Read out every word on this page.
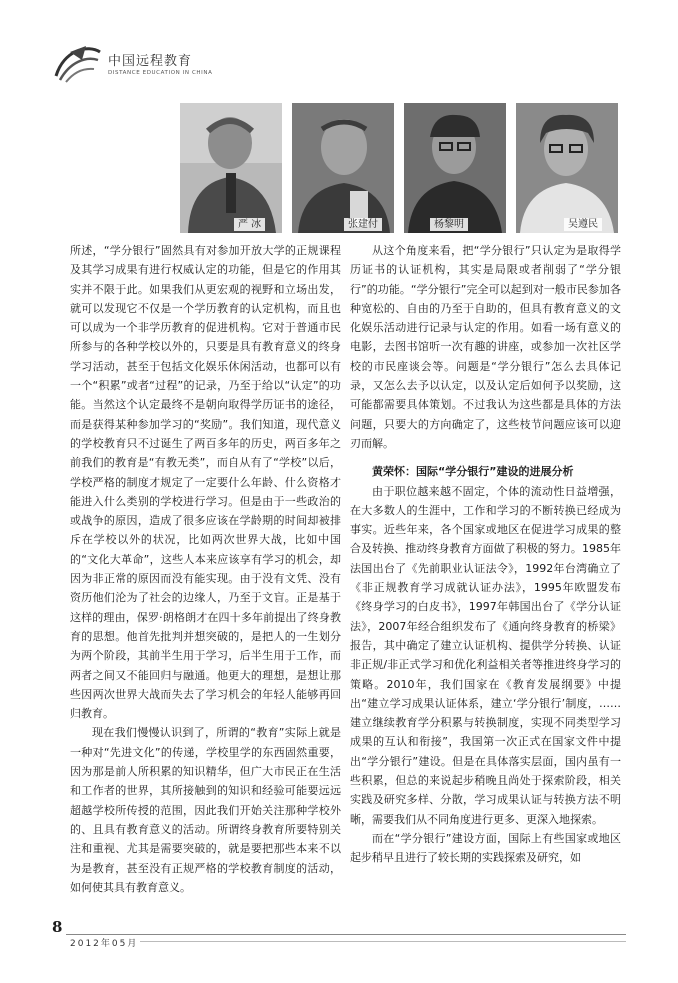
中国远程教育
DISTANCE EDUCATION IN CHINA
严 冰	张建付	杨黎明	吴遵民

所述，“学分银行”固然具有对参加开放大学的正规课程及其学习成果有进行权威认定的功能，但是它的作用其实并不限于此。如果我们从更宏观的视野和立场出发，就可以发现它不仅是一个学历教育的认定机构，而且也可以成为一个非学历教育的促进机构。它对于普通市民所参与的各种学校以外的，只要是具有教育意义的终身学习活动，甚至于包括文化娱乐休闲活动，也都可以有一个“积累”或者“过程”的记录，乃至于给以“认定”的功能。当然这个认定最终不是朝向取得学历证书的途径，而是获得某种参加学习的“奖励”。我们知道，现代意义的学校教育只不过诞生了两百多年的历史，两百多年之前我们的教育是“有教无类”，而自从有了“学校”以后，学校严格的制度才规定了一定要什么年龄、什么资格才能进入什么类别的学校进行学习。但是由于一些政治的或战争的原因，造成了很多应该在学龄期的时间却被排斥在学校以外的状况，比如两次世界大战，比如中国的“文化大革命”，这些人本来应该享有学习的机会，却因为非正常的原因而没有能实现。由于没有文凭、没有资历他们沦为了社会的边缘人，乃至于文盲。正是基于这样的理由，保罗·朗格朗才在四十多年前提出了终身教育的思想。他首先批判并想突破的，是把人的一生划分为两个阶段，其前半生用于学习，后半生用于工作，而两者之间又不能回归与融通。他更大的理想，是想让那些因两次世界大战而失去了学习机会的年轻人能够再回归教育。

现在我们慢慢认识到了，所谓的“教育”实际上就是一种对“先进文化”的传递，学校里学的东西固然重要，因为那是前人所积累的知识精华，但广大市民正在生活和工作者的世界，其所接触到的知识和经验可能要远远超越学校所传授的范围，因此我们开始关注那种学校外的、且具有教育意义的活动。所谓终身教育所要特别关注和重视、尤其是需要突破的，就是要把那些本来不以为是教育，甚至没有正规严格的学校教育制度的活动，如何使其具有教育意义。

从这个角度来看，把“学分银行”只认定为是取得学历证书的认证机构，其实是局限或者削弱了“学分银行”的功能。“学分银行”完全可以起到对一般市民参加各种宽松的、自由的乃至于自助的，但具有教育意义的文化娱乐活动进行记录与认定的作用。如看一场有意义的电影，去图书馆听一次有趣的讲座，或参加一次社区学校的市民座谈会等。问题是“学分银行”怎么去具体记录，又怎么去予以认定，以及认定后如何予以奖励，这可能都需要具体策划。不过我认为这些都是具体的方法问题，只要大的方向确定了，这些枝节问题应该可以迎刃而解。

黄荣怀：国际“学分银行”建设的进展分析

由于职位越来越不固定，个体的流动性日益增强，在大多数人的生涯中，工作和学习的不断转换已经成为事实。近些年来，各个国家或地区在促进学习成果的整合及转换、推动终身教育方面做了积极的努力。1985年法国出台了《先前职业认证法令》，1992年台湾确立了《非正规教育学习成就认证办法》，1995年欧盟发布《终身学习的白皮书》，1997年韩国出台了《学分认证法》，2007年经合组织发布了《通向终身教育的桥梁》报告，其中确定了建立认证机构、提供学分转换、认证非正规/非正式学习和优化利益相关者等推进终身学习的策略。2010年，我们国家在《教育发展纲要》中提出“建立学习成果认证体系，建立‘学分银行’制度，……建立继续教育学分积累与转换制度，实现不同类型学习成果的互认和衔接”，我国第一次正式在国家文件中提出“学分银行”建设。但是在具体落实层面，国内虽有一些积累，但总的来说起步稍晚且尚处于探索阶段，相关实践及研究多样、分散，学习成果认证与转换方法不明晰，需要我们从不同角度进行更多、更深入地探索。

而在“学分银行”建设方面，国际上有些国家或地区起步稍早且进行了较长期的实践探索及研究，如

8
2012年05月
